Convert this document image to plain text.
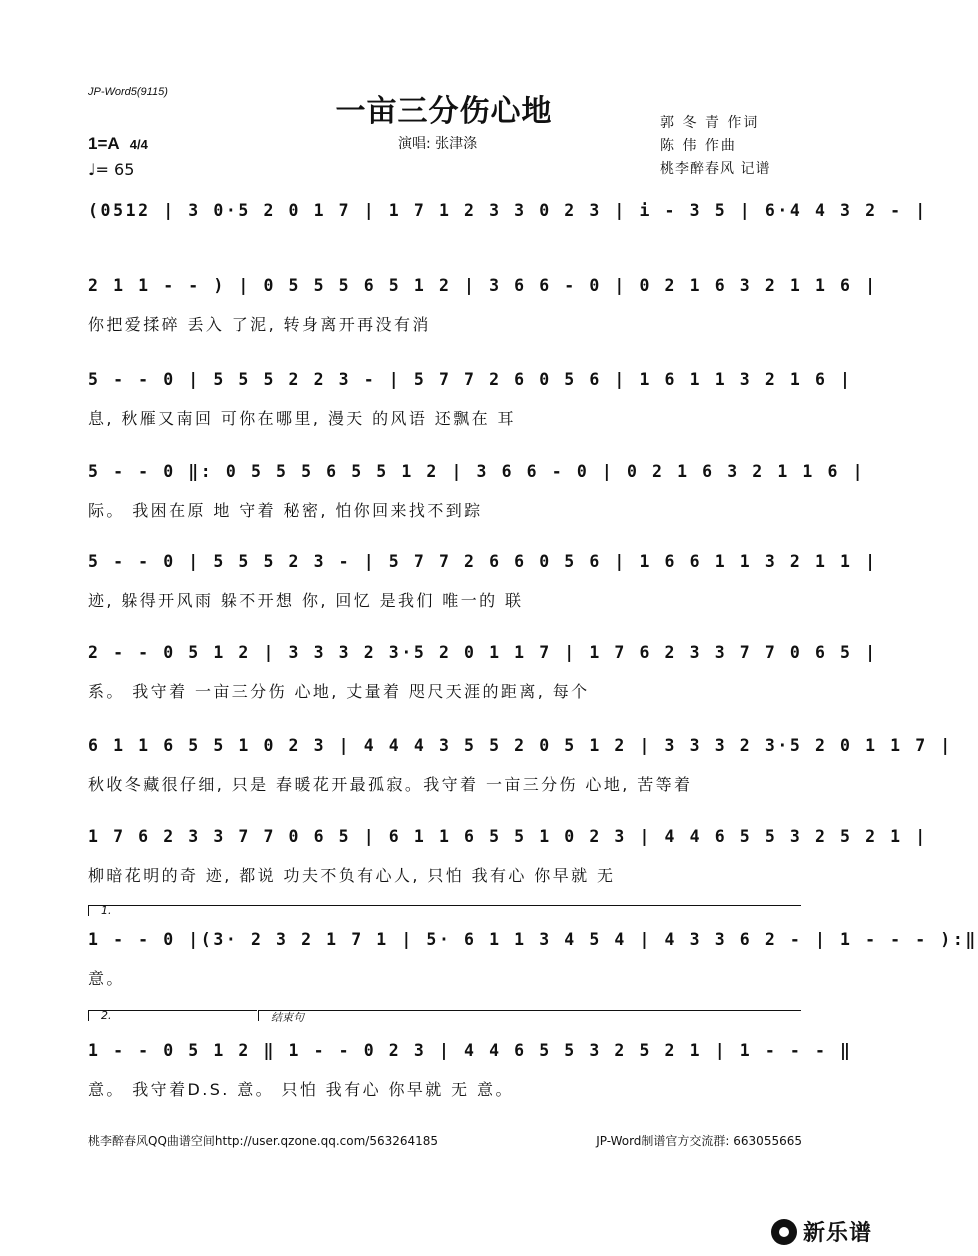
JP-Word5(9115)
一亩三分伤心地
演唱: 张津涤
郭 冬 青 作词
陈 伟 作曲
桃李醉春风 记谱
1=A 4/4
♩= 65
(0512 | 3 0·5 2 0 1 7 | 1 7 1 2 3 3 0 2 3 | i - 3 5 | 6·4 4 3 2 - |
2 1 1 - - ) | 0 5 5 5 6 5 1 2 | 3 6 6 - 0 | 0 2 1 6 3 2 1 1 6 |
你把爱揉碎 丢入 了泥, 转身离开再没有消
5 - - 0 | 5 5 5 2 2 3 - | 5 7 7 2 6 0 5 6 | 1 6 1 1 3 2 1 6 |
息, 秋雁又南回 可你在哪里, 漫天 的风语 还飘在 耳
5 - - 0 ‖: 0 5 5 5 6 5 5 1 2 | 3 6 6 - 0 | 0 2 1 6 3 2 1 1 6 |
际。 我困在原 地 守着 秘密, 怕你回来找不到踪
5 - - 0 | 5 5 5 2 3 - | 5 7 7 2 6 6 0 5 6 | 1 6 6 1 1 3 2 1 1 |
迹, 躲得开风雨 躲不开想 你, 回忆 是我们 唯一的 联
2 - - 0 5 1 2 | 3 3 3 2 3·5 2 0 1 1 7 | 1 7 6 2 3 3 7 7 0 6 5 |
系。 我守着 一亩三分伤 心地, 丈量着 咫尺天涯的距离, 每个
6 1 1 6 5 5 1 0 2 3 | 4 4 4 3 5 5 2 0 5 1 2 | 3 3 3 2 3·5 2 0 1 1 7 |
秋收冬藏很仔细, 只是 春暖花开最孤寂。我守着 一亩三分伤 心地, 苦等着
1 7 6 2 3 3 7 7 0 6 5 | 6 1 1 6 5 5 1 0 2 3 | 4 4 6 5 5 3 2 5 2 1 |
柳暗花明的奇 迹, 都说 功夫不负有心人, 只怕 我有心 你早就 无
1 - - 0 |(3· 2 3 2 1 7 1 | 5· 6 1 1 3 4 5 4 | 4 3 3 6 2 - | 1 - - - ):‖
意。
1 - - 0 5 1 2 ‖ 1 - - 0 2 3 | 4 4 6 5 5 3 2 5 2 1 | 1 - - - ‖
意。 我守着D.S. 意。 只怕 我有心 你早就 无 意。
1.
2.	结束句
桃李醉春风QQ曲谱空间http://user.qzone.qq.com/563264185	JP-Word制谱官方交流群: 663055665
新乐谱
